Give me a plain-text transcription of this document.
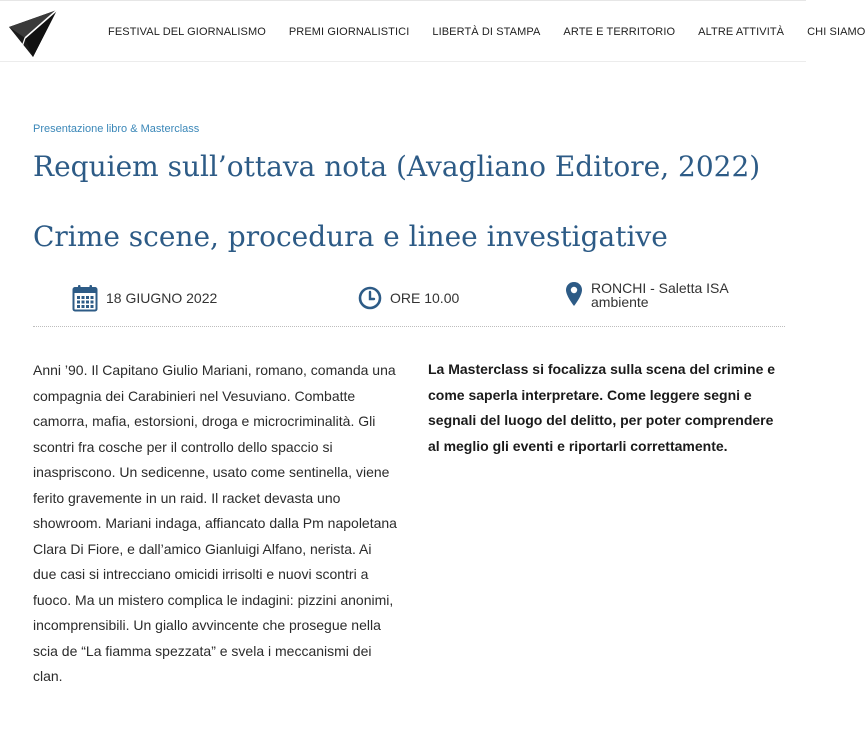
FESTIVAL DEL GIORNALISMO PREMI GIORNALISTICI LIBERTÀ DI STAMPA ARTE E TERRITORIO ALTRE ATTIVITÀ CHI SIAMO
Presentazione libro & Masterclass
Requiem sull’ottava nota (Avagliano Editore, 2022)
Crime scene, procedura e linee investigative
18 GIUGNO 2022	ORE 10.00
RONCHI - Saletta ISA ambiente

Anni ’90. Il Capitano Giulio Mariani, romano, comanda una compagnia dei Carabinieri nel Vesuviano. Combatte camorra, mafia, estorsioni, droga e microcriminalità. Gli scontri fra cosche per il controllo dello spaccio si inaspriscono. Un sedicenne, usato come sentinella, viene ferito gravemente in un raid. Il racket devasta uno showroom. Mariani indaga, affiancato dalla Pm napoletana Clara Di Fiore, e dall’amico Gianluigi Alfano, nerista. Ai due casi si intrecciano omicidi irrisolti e nuovi scontri a fuoco. Ma un mistero complica le indagini: pizzini anonimi, incomprensibili. Un giallo avvincente che prosegue nella scia de “La fiamma spezzata” e svela i meccanismi dei clan.

La Masterclass si focalizza sulla scena del crimine e come saperla interpretare. Come leggere segni e segnali del luogo del delitto, per poter comprendere al meglio gli eventi e riportarli correttamente.
